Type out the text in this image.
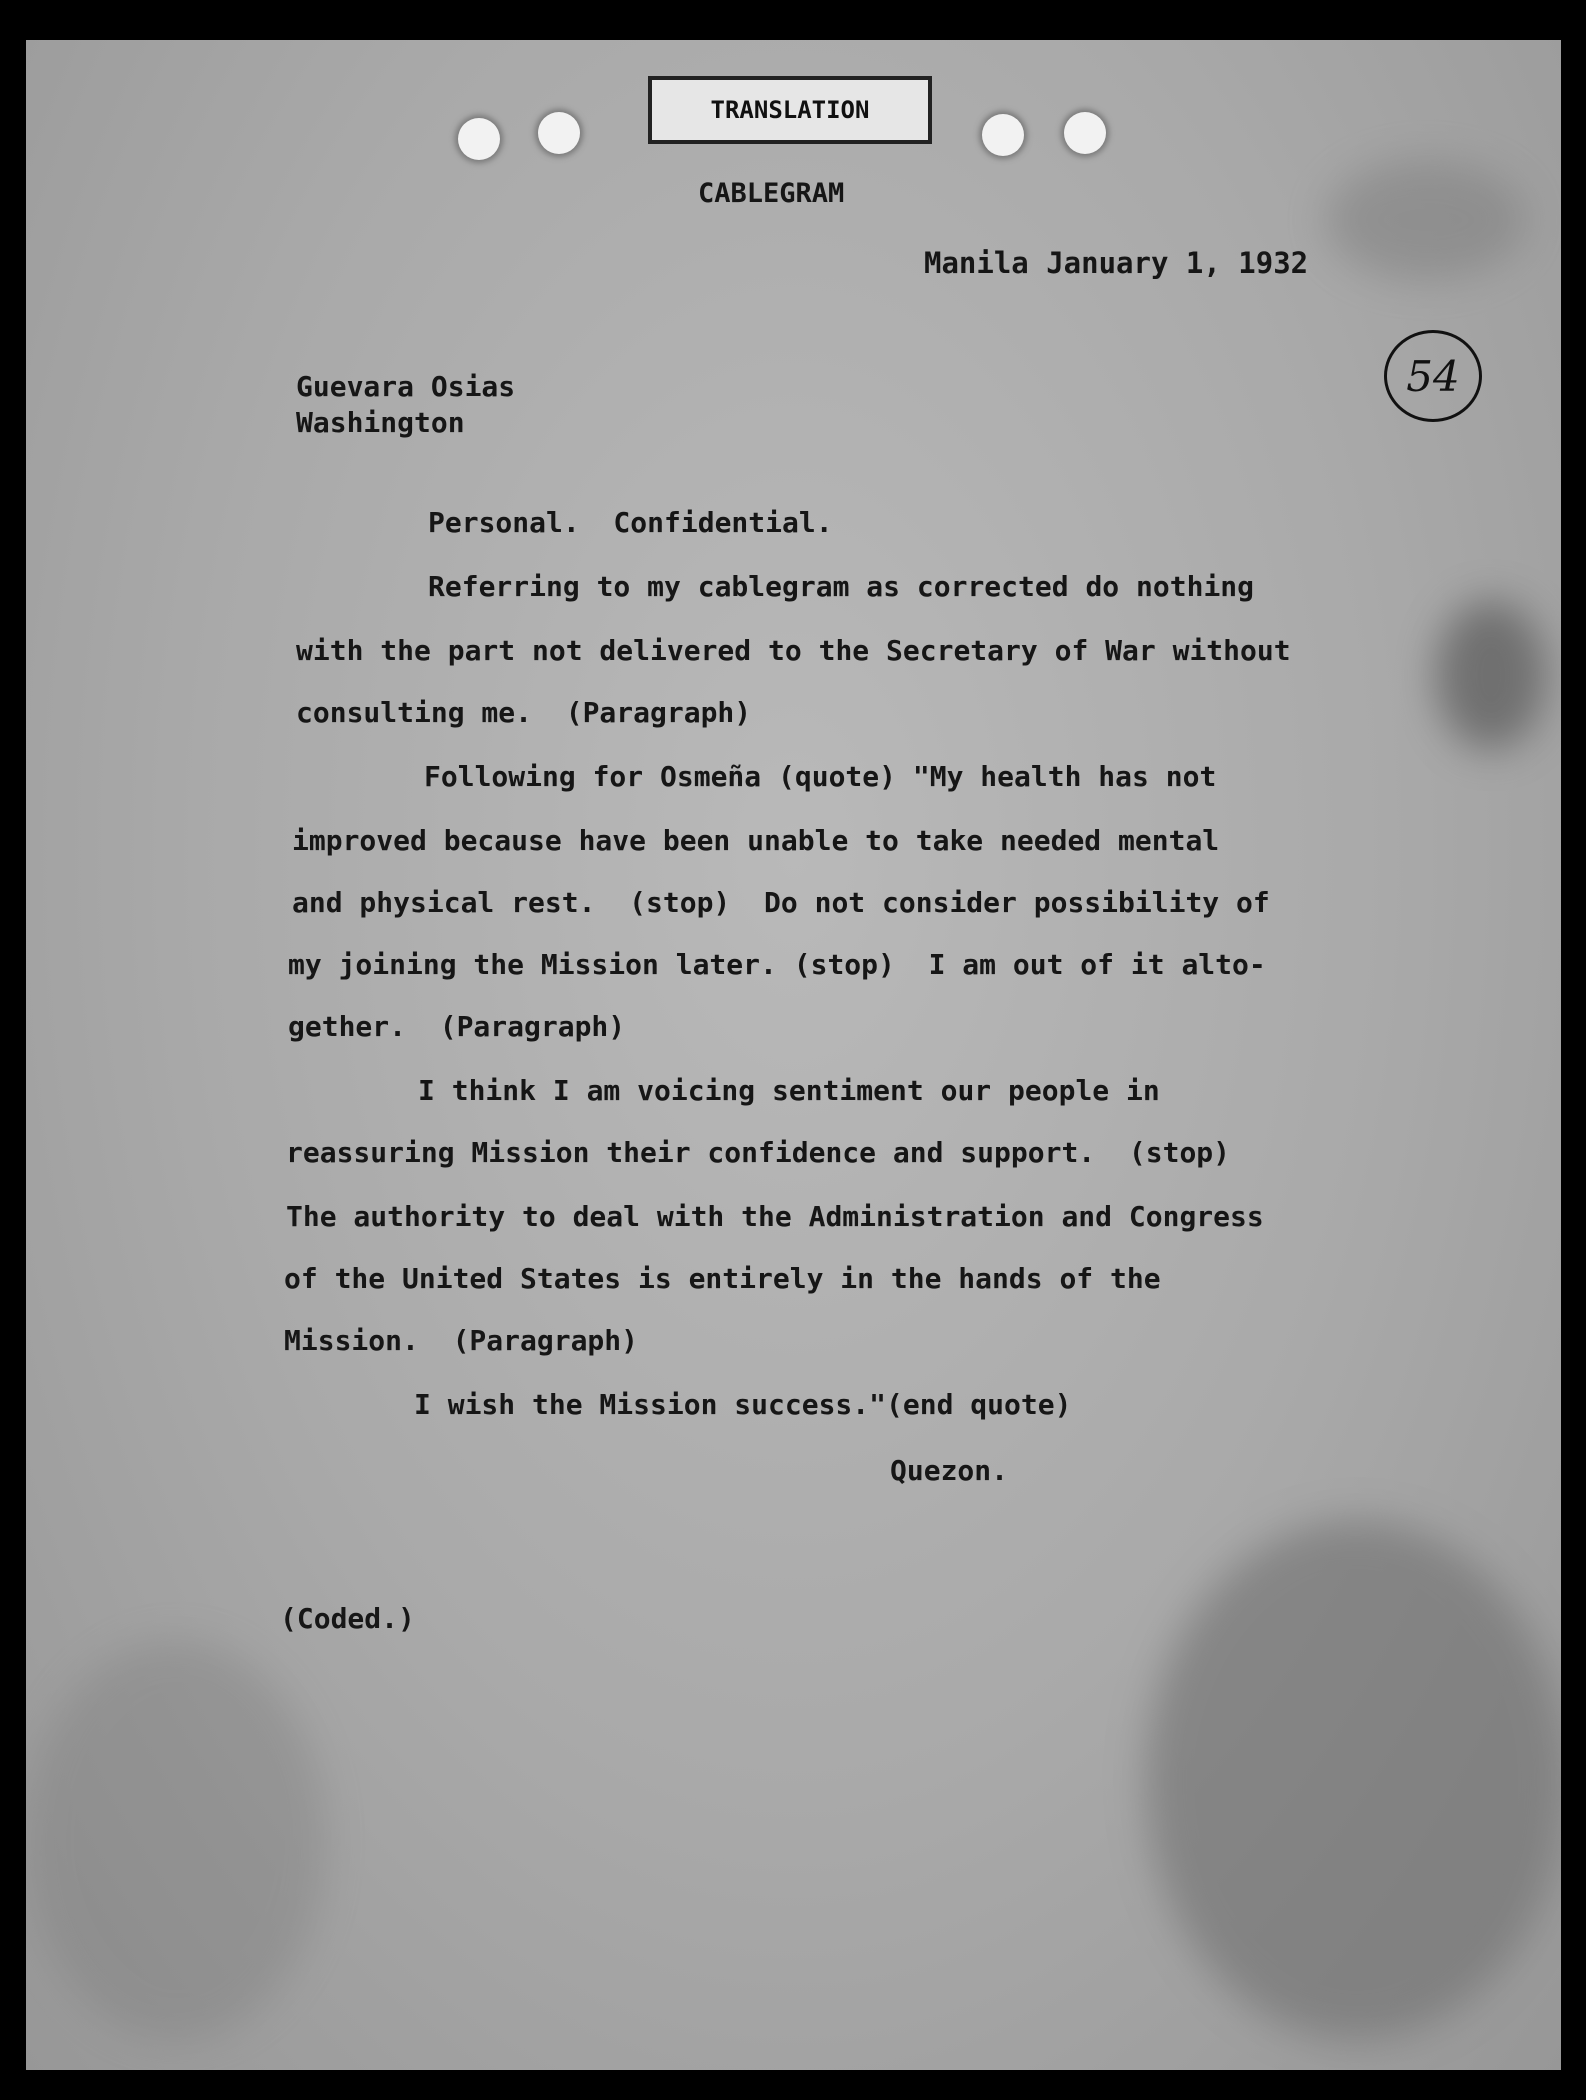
TRANSLATION
CABLEGRAM
Manila January 1, 1932
54
Guevara Osias
Washington
Personal.  Confidential.
Referring to my cablegram as corrected do nothing
with the part not delivered to the Secretary of War without
consulting me.  (Paragraph)
Following for Osmeña (quote) "My health has not
improved because have been unable to take needed mental
and physical rest.  (stop)  Do not consider possibility of
my joining the Mission later. (stop)  I am out of it alto-
gether.  (Paragraph)
I think I am voicing sentiment our people in
reassuring Mission their confidence and support.  (stop)
The authority to deal with the Administration and Congress
of the United States is entirely in the hands of the
Mission.  (Paragraph)
I wish the Mission success."(end quote)
Quezon.
(Coded.)
